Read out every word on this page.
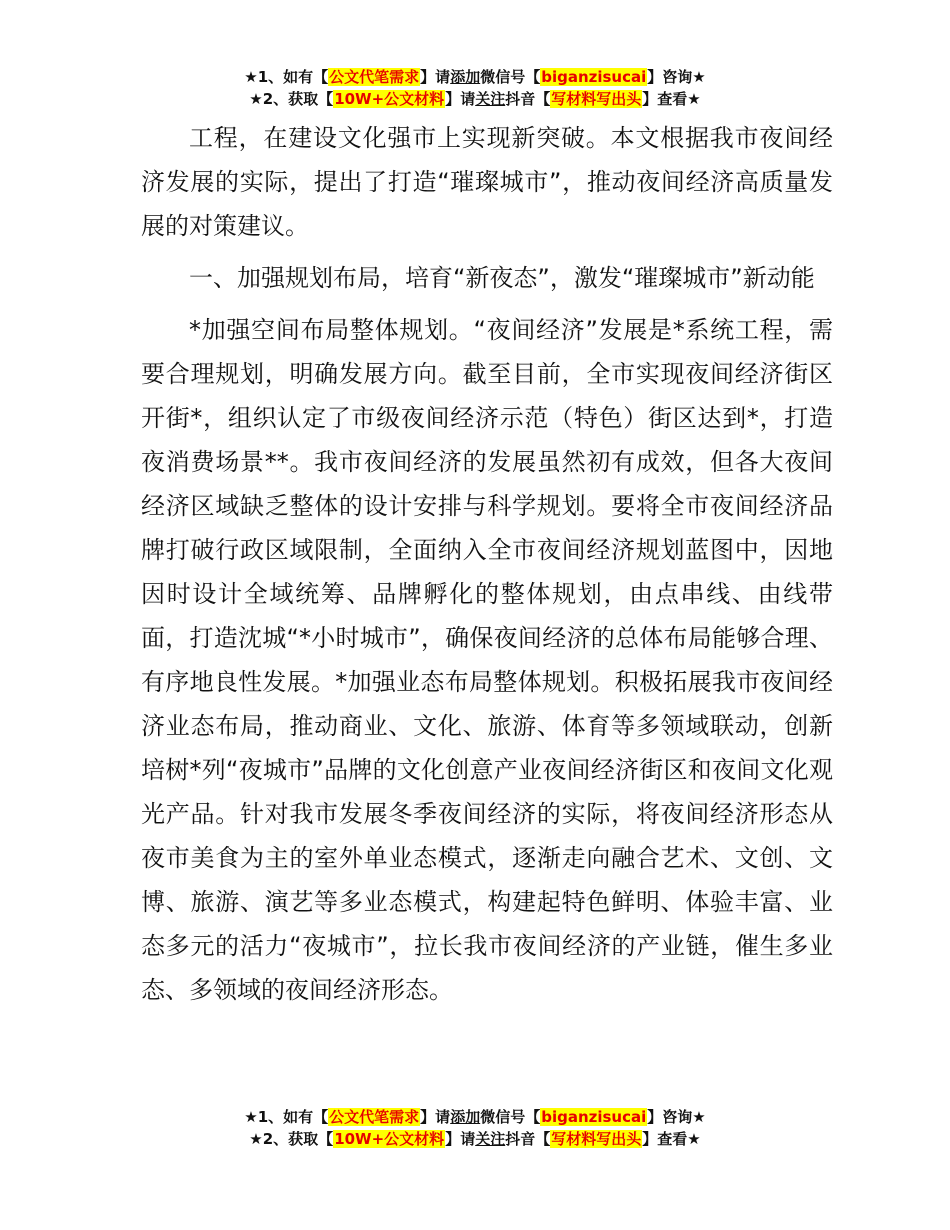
★1、如有【公文代笔需求】请添加微信号【biganzisucai】咨询★
★2、获取【10W+公文材料】请关注抖音【写材料写出头】查看★

工程，在建设文化强市上实现新突破。本文根据我市夜间经济发展的实际，提出了打造“璀璨城市”，推动夜间经济高质量发展的对策建议。

一、加强规划布局，培育“新夜态”，激发“璀璨城市”新动能

*加强空间布局整体规划。“夜间经济”发展是*系统工程，需要合理规划，明确发展方向。截至目前，全市实现夜间经济街区开街*，组织认定了市级夜间经济示范（特色）街区达到*，打造夜消费场景**。我市夜间经济的发展虽然初有成效，但各大夜间经济区域缺乏整体的设计安排与科学规划。要将全市夜间经济品牌打破行政区域限制，全面纳入全市夜间经济规划蓝图中，因地因时设计全域统筹、品牌孵化的整体规划，由点串线、由线带面，打造沈城“*小时城市”，确保夜间经济的总体布局能够合理、有序地良性发展。*加强业态布局整体规划。积极拓展我市夜间经济业态布局，推动商业、文化、旅游、体育等多领域联动，创新培树*列“夜城市”品牌的文化创意产业夜间经济街区和夜间文化观光产品。针对我市发展冬季夜间经济的实际，将夜间经济形态从夜市美食为主的室外单业态模式，逐渐走向融合艺术、文创、文博、旅游、演艺等多业态模式，构建起特色鲜明、体验丰富、业态多元的活力“夜城市”，拉长我市夜间经济的产业链，催生多业态、多领域的夜间经济形态。

★1、如有【公文代笔需求】请添加微信号【biganzisucai】咨询★
★2、获取【10W+公文材料】请关注抖音【写材料写出头】查看★
